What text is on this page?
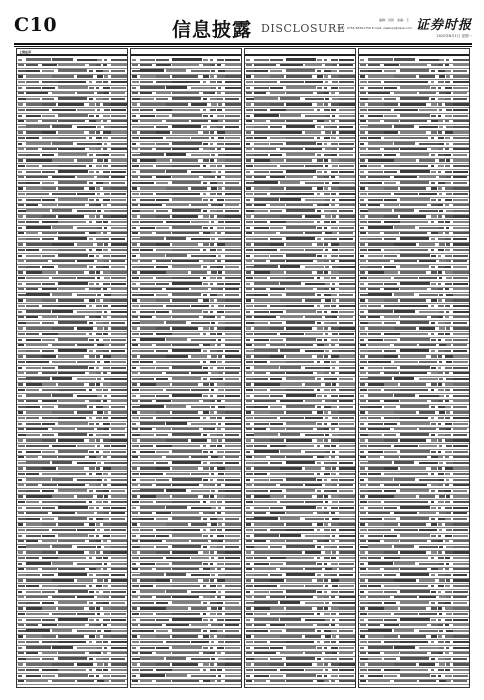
C10	信息披露 DISCLOSURE
编辑：吴凯　美编：王　
电话：0755-83501750 E-mail: zqsbxpl@zqsb.com 证券时报
2020年6月1日 星期一
上海证券
